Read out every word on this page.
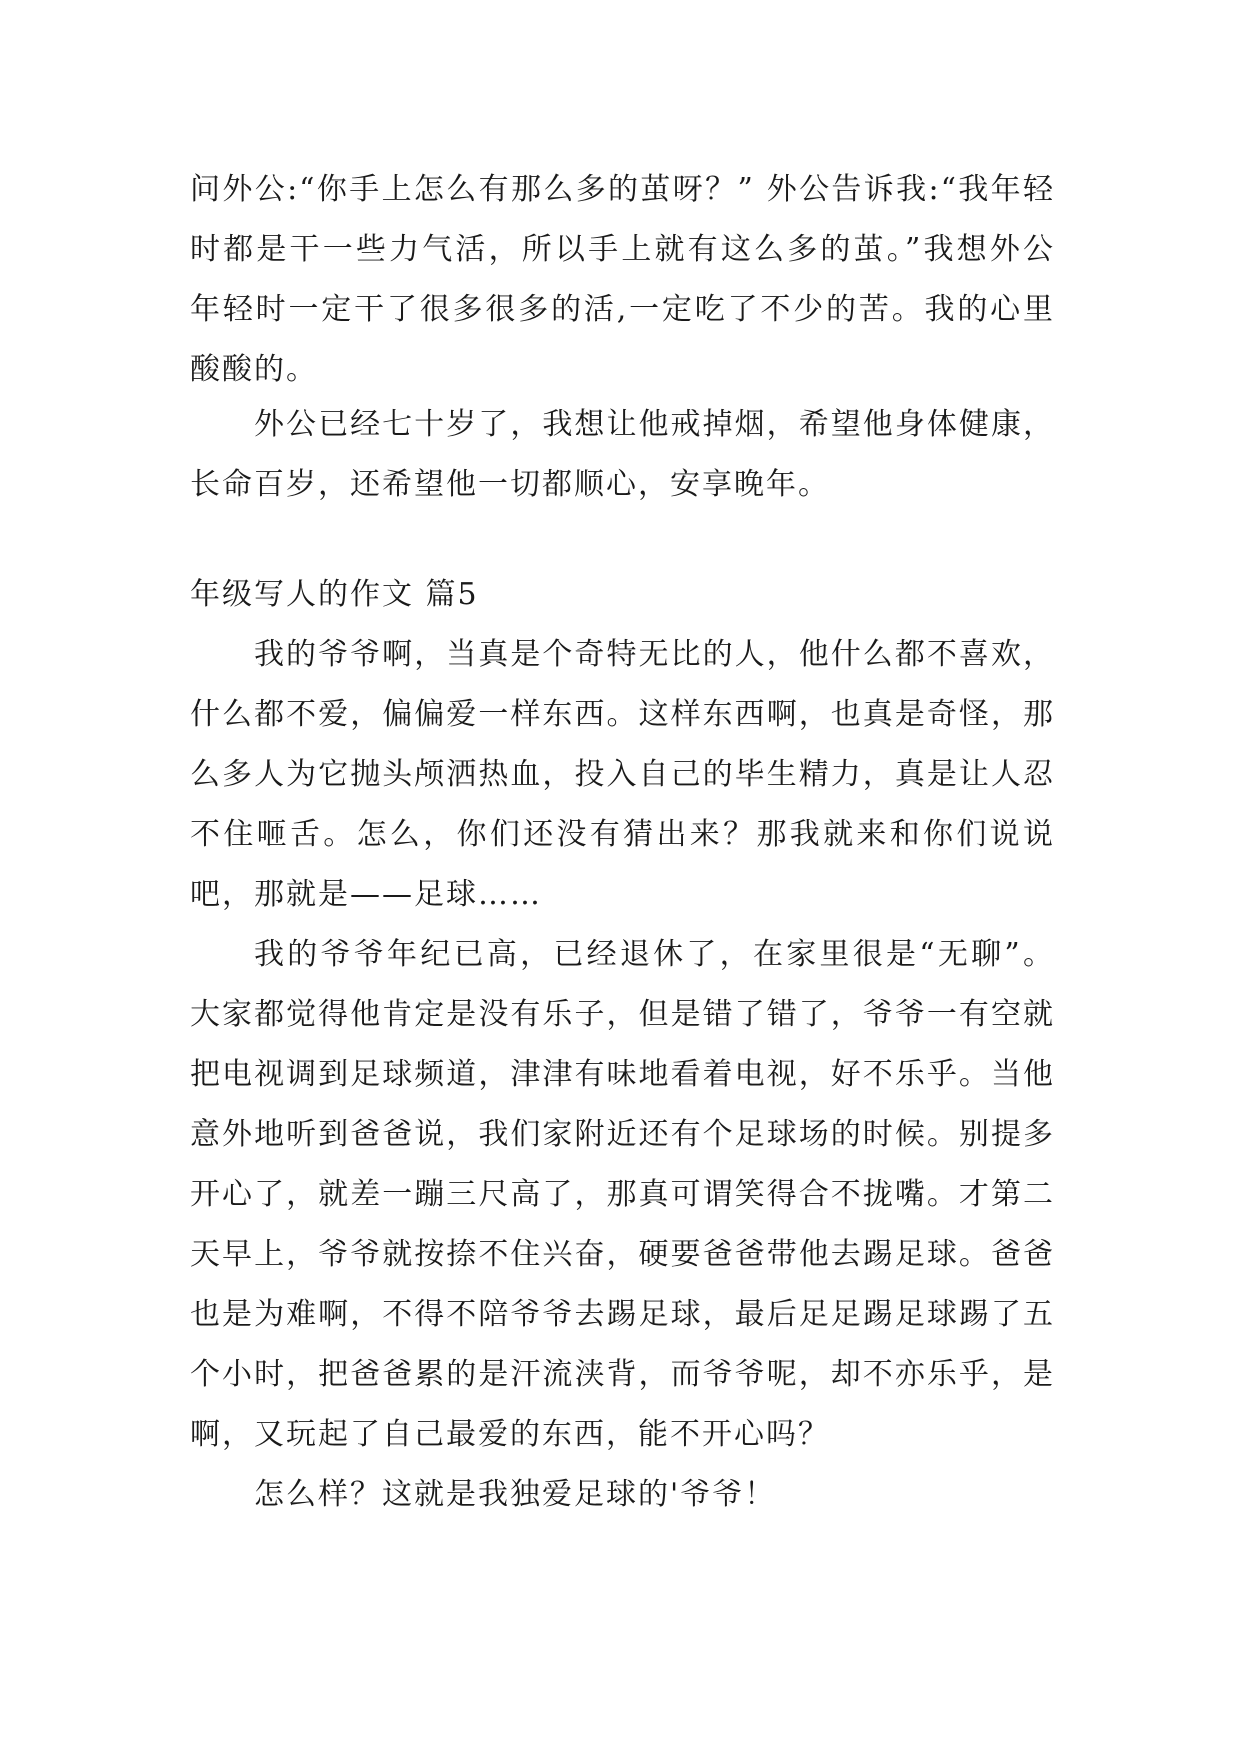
问外公:“你手上怎么有那么多的茧呀？” 外公告诉我:“我年轻时都是干一些力气活，所以手上就有这么多的茧。”我想外公年轻时一定干了很多很多的活,一定吃了不少的苦。我的心里酸酸的。

外公已经七十岁了，我想让他戒掉烟，希望他身体健康，长命百岁，还希望他一切都顺心，安享晚年。

年级写人的作文 篇5

我的爷爷啊，当真是个奇特无比的人，他什么都不喜欢，什么都不爱，偏偏爱一样东西。这样东西啊，也真是奇怪，那么多人为它抛头颅洒热血，投入自己的毕生精力，真是让人忍不住咂舌。怎么，你们还没有猜出来？那我就来和你们说说吧，那就是——足球……

我的爷爷年纪已高，已经退休了，在家里很是“无聊”。大家都觉得他肯定是没有乐子，但是错了错了，爷爷一有空就把电视调到足球频道，津津有味地看着电视，好不乐乎。当他意外地听到爸爸说，我们家附近还有个足球场的时候。别提多开心了，就差一蹦三尺高了，那真可谓笑得合不拢嘴。才第二天早上，爷爷就按捺不住兴奋，硬要爸爸带他去踢足球。爸爸也是为难啊，不得不陪爷爷去踢足球，最后足足踢足球踢了五个小时，把爸爸累的是汗流浃背，而爷爷呢，却不亦乐乎，是啊，又玩起了自己最爱的东西，能不开心吗？

怎么样？这就是我独爱足球的'爷爷！
